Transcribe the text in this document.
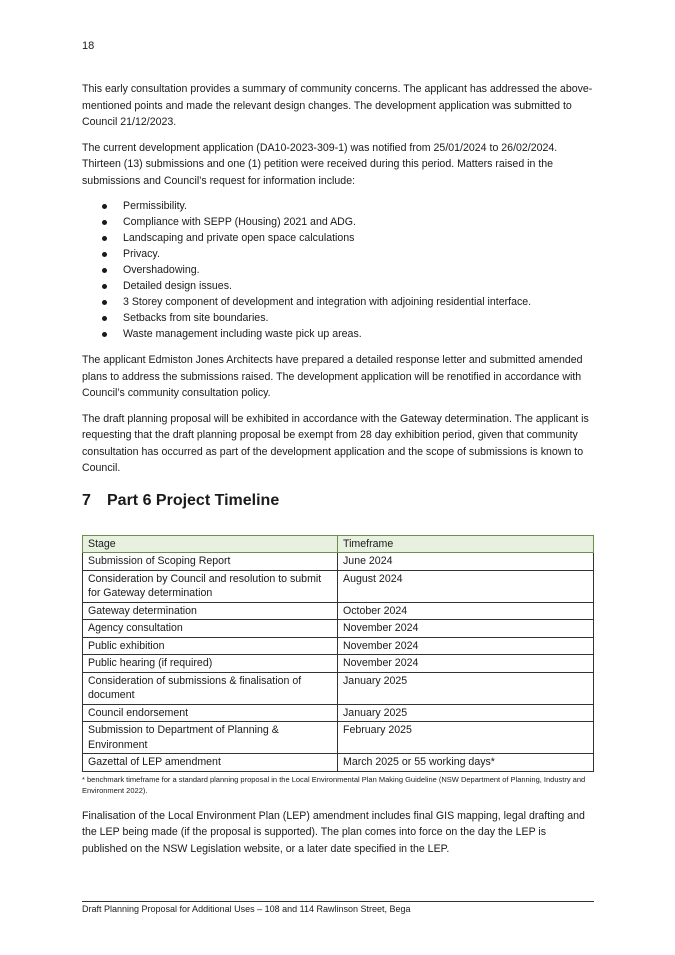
18

This early consultation provides a summary of community concerns. The applicant has addressed the above-mentioned points and made the relevant design changes. The development application was submitted to Council 21/12/2023.

The current development application (DA10-2023-309-1) was notified from 25/01/2024 to 26/02/2024. Thirteen (13) submissions and one (1) petition were received during this period. Matters raised in the submissions and Council’s request for information include:

Permissibility.
Compliance with SEPP (Housing) 2021 and ADG.
Landscaping and private open space calculations
Privacy.
Overshadowing.
Detailed design issues.
3 Storey component of development and integration with adjoining residential interface.
Setbacks from site boundaries.
Waste management including waste pick up areas.

The applicant Edmiston Jones Architects have prepared a detailed response letter and submitted amended plans to address the submissions raised. The development application will be renotified in accordance with Council’s community consultation policy.

The draft planning proposal will be exhibited in accordance with the Gateway determination. The applicant is requesting that the draft planning proposal be exempt from 28 day exhibition period, given that community consultation has occurred as part of the development application and the scope of submissions is known to Council.

7	Part 6 Project Timeline
Stage	Timeframe
Submission of Scoping Report	June 2024
Consideration by Council and resolution to submit for Gateway determination	August 2024
Gateway determination	October 2024
Agency consultation	November 2024
Public exhibition	November 2024
Public hearing (if required)	November 2024
Consideration of submissions & finalisation of document	January 2025
Council endorsement	January 2025
Submission to Department of Planning & Environment	February 2025
Gazettal of LEP amendment	March 2025 or 55 working days*
* benchmark timeframe for a standard planning proposal in the Local Environmental Plan Making Guideline (NSW Department of Planning, Industry and Environment 2022).

Finalisation of the Local Environment Plan (LEP) amendment includes final GIS mapping, legal drafting and the LEP being made (if the proposal is supported). The plan comes into force on the day the LEP is published on the NSW Legislation website, or a later date specified in the LEP.

Draft Planning Proposal for Additional Uses – 108 and 114 Rawlinson Street, Bega
